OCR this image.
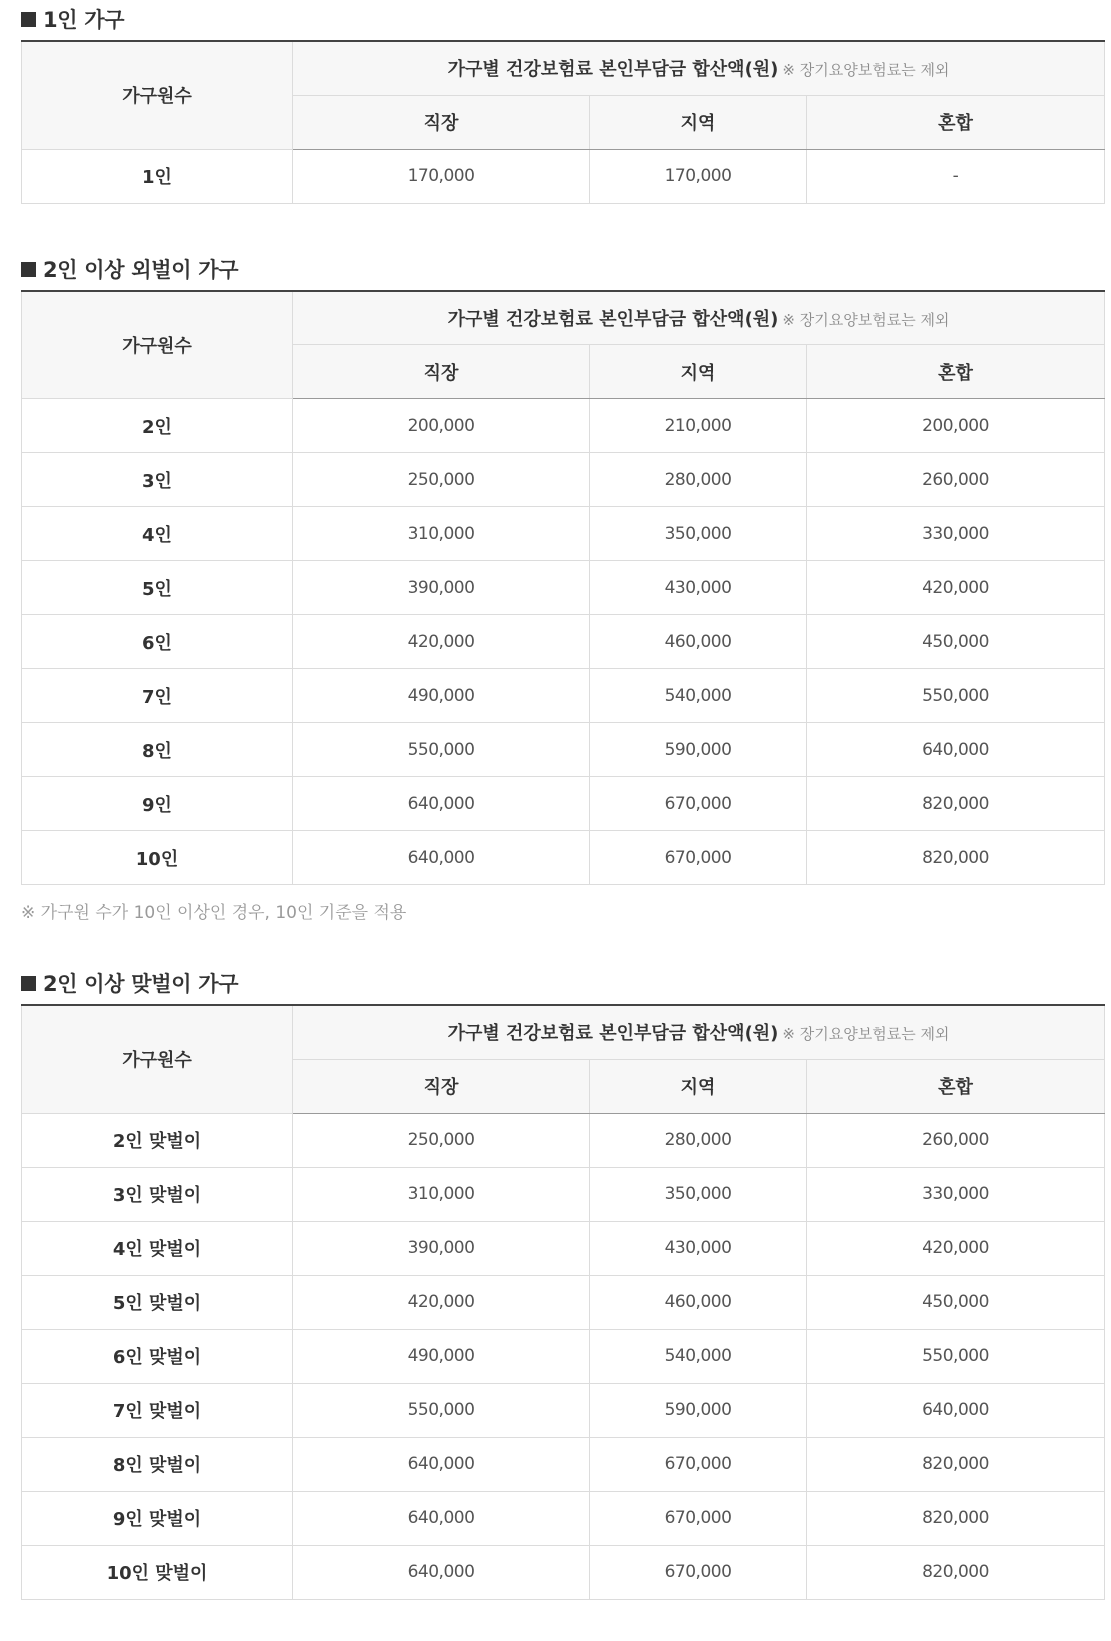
1인 가구
가구원수	가구별 건강보험료 본인부담금 합산액(원) ※ 장기요양보험료는 제외		
	직장	지역	혼합
1인	170,000	170,000	-
2인 이상 외벌이 가구
가구원수	가구별 건강보험료 본인부담금 합산액(원) ※ 장기요양보험료는 제외		
	직장	지역	혼합
2인	200,000	210,000	200,000
3인	250,000	280,000	260,000
4인	310,000	350,000	330,000
5인	390,000	430,000	420,000
6인	420,000	460,000	450,000
7인	490,000	540,000	550,000
8인	550,000	590,000	640,000
9인	640,000	670,000	820,000
10인	640,000	670,000	820,000

※ 가구원 수가 10인 이상인 경우, 10인 기준을 적용

2인 이상 맞벌이 가구
가구원수	가구별 건강보험료 본인부담금 합산액(원) ※ 장기요양보험료는 제외		
	직장	지역	혼합
2인 맞벌이	250,000	280,000	260,000
3인 맞벌이	310,000	350,000	330,000
4인 맞벌이	390,000	430,000	420,000
5인 맞벌이	420,000	460,000	450,000
6인 맞벌이	490,000	540,000	550,000
7인 맞벌이	550,000	590,000	640,000
8인 맞벌이	640,000	670,000	820,000
9인 맞벌이	640,000	670,000	820,000
10인 맞벌이	640,000	670,000	820,000
